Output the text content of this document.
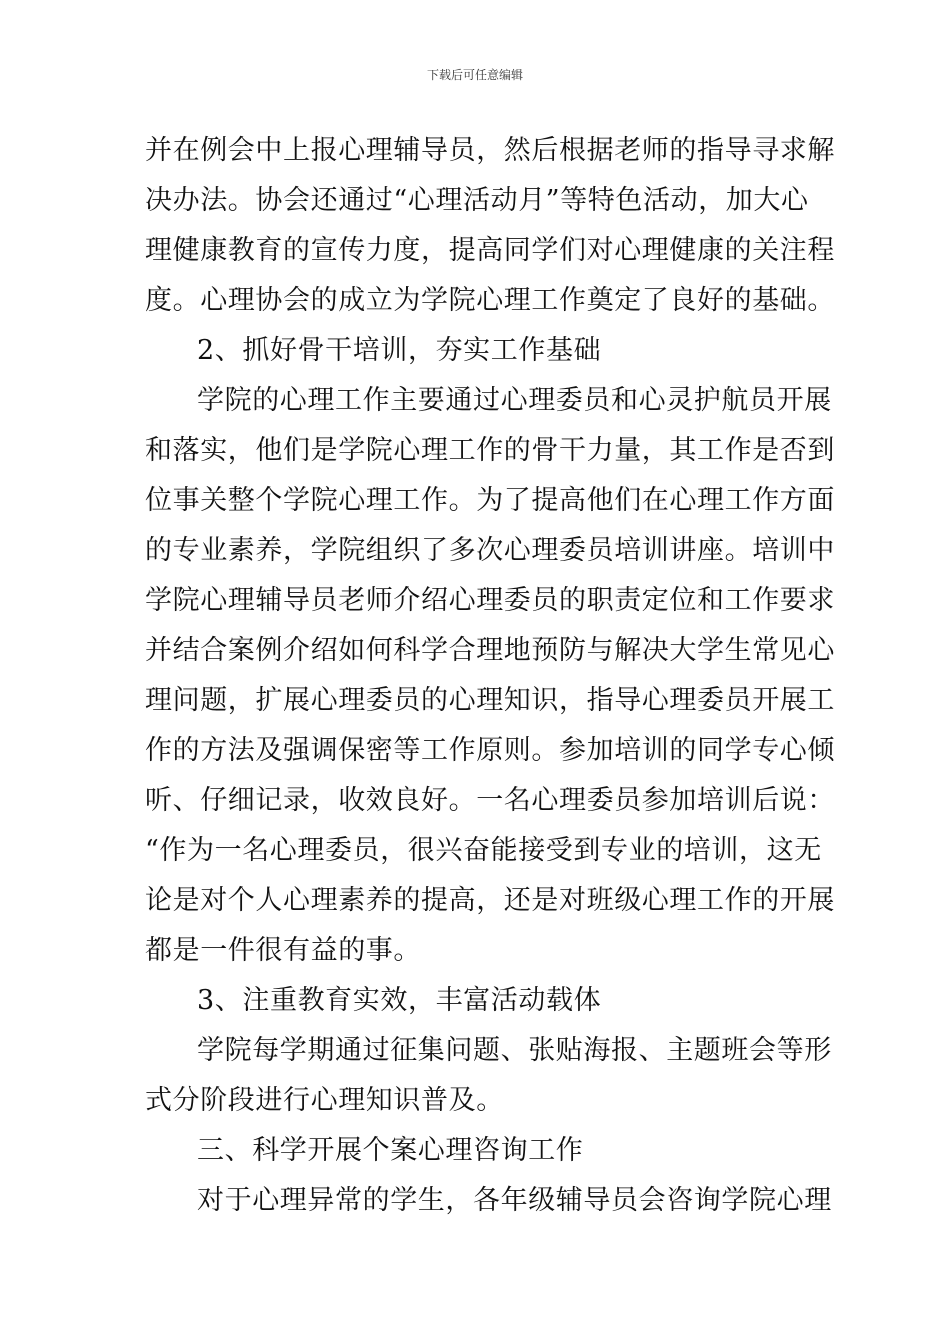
下载后可任意编辑
并在例会中上报心理辅导员，然后根据老师的指导寻求解
决办法。协会还通过“心理活动月”等特色活动，加大心
理健康教育的宣传力度，提高同学们对心理健康的关注程
度。心理协会的成立为学院心理工作奠定了良好的基础。
2、抓好骨干培训，夯实工作基础
学院的心理工作主要通过心理委员和心灵护航员开展
和落实，他们是学院心理工作的骨干力量，其工作是否到
位事关整个学院心理工作。为了提高他们在心理工作方面
的专业素养，学院组织了多次心理委员培训讲座。培训中
学院心理辅导员老师介绍心理委员的职责定位和工作要求
并结合案例介绍如何科学合理地预防与解决大学生常见心
理问题，扩展心理委员的心理知识，指导心理委员开展工
作的方法及强调保密等工作原则。参加培训的同学专心倾
听、仔细记录，收效良好。一名心理委员参加培训后说：
“作为一名心理委员，很兴奋能接受到专业的培训，这无
论是对个人心理素养的提高，还是对班级心理工作的开展
都是一件很有益的事。
3、注重教育实效，丰富活动载体
学院每学期通过征集问题、张贴海报、主题班会等形
式分阶段进行心理知识普及。
三、科学开展个案心理咨询工作
对于心理异常的学生，各年级辅导员会咨询学院心理
